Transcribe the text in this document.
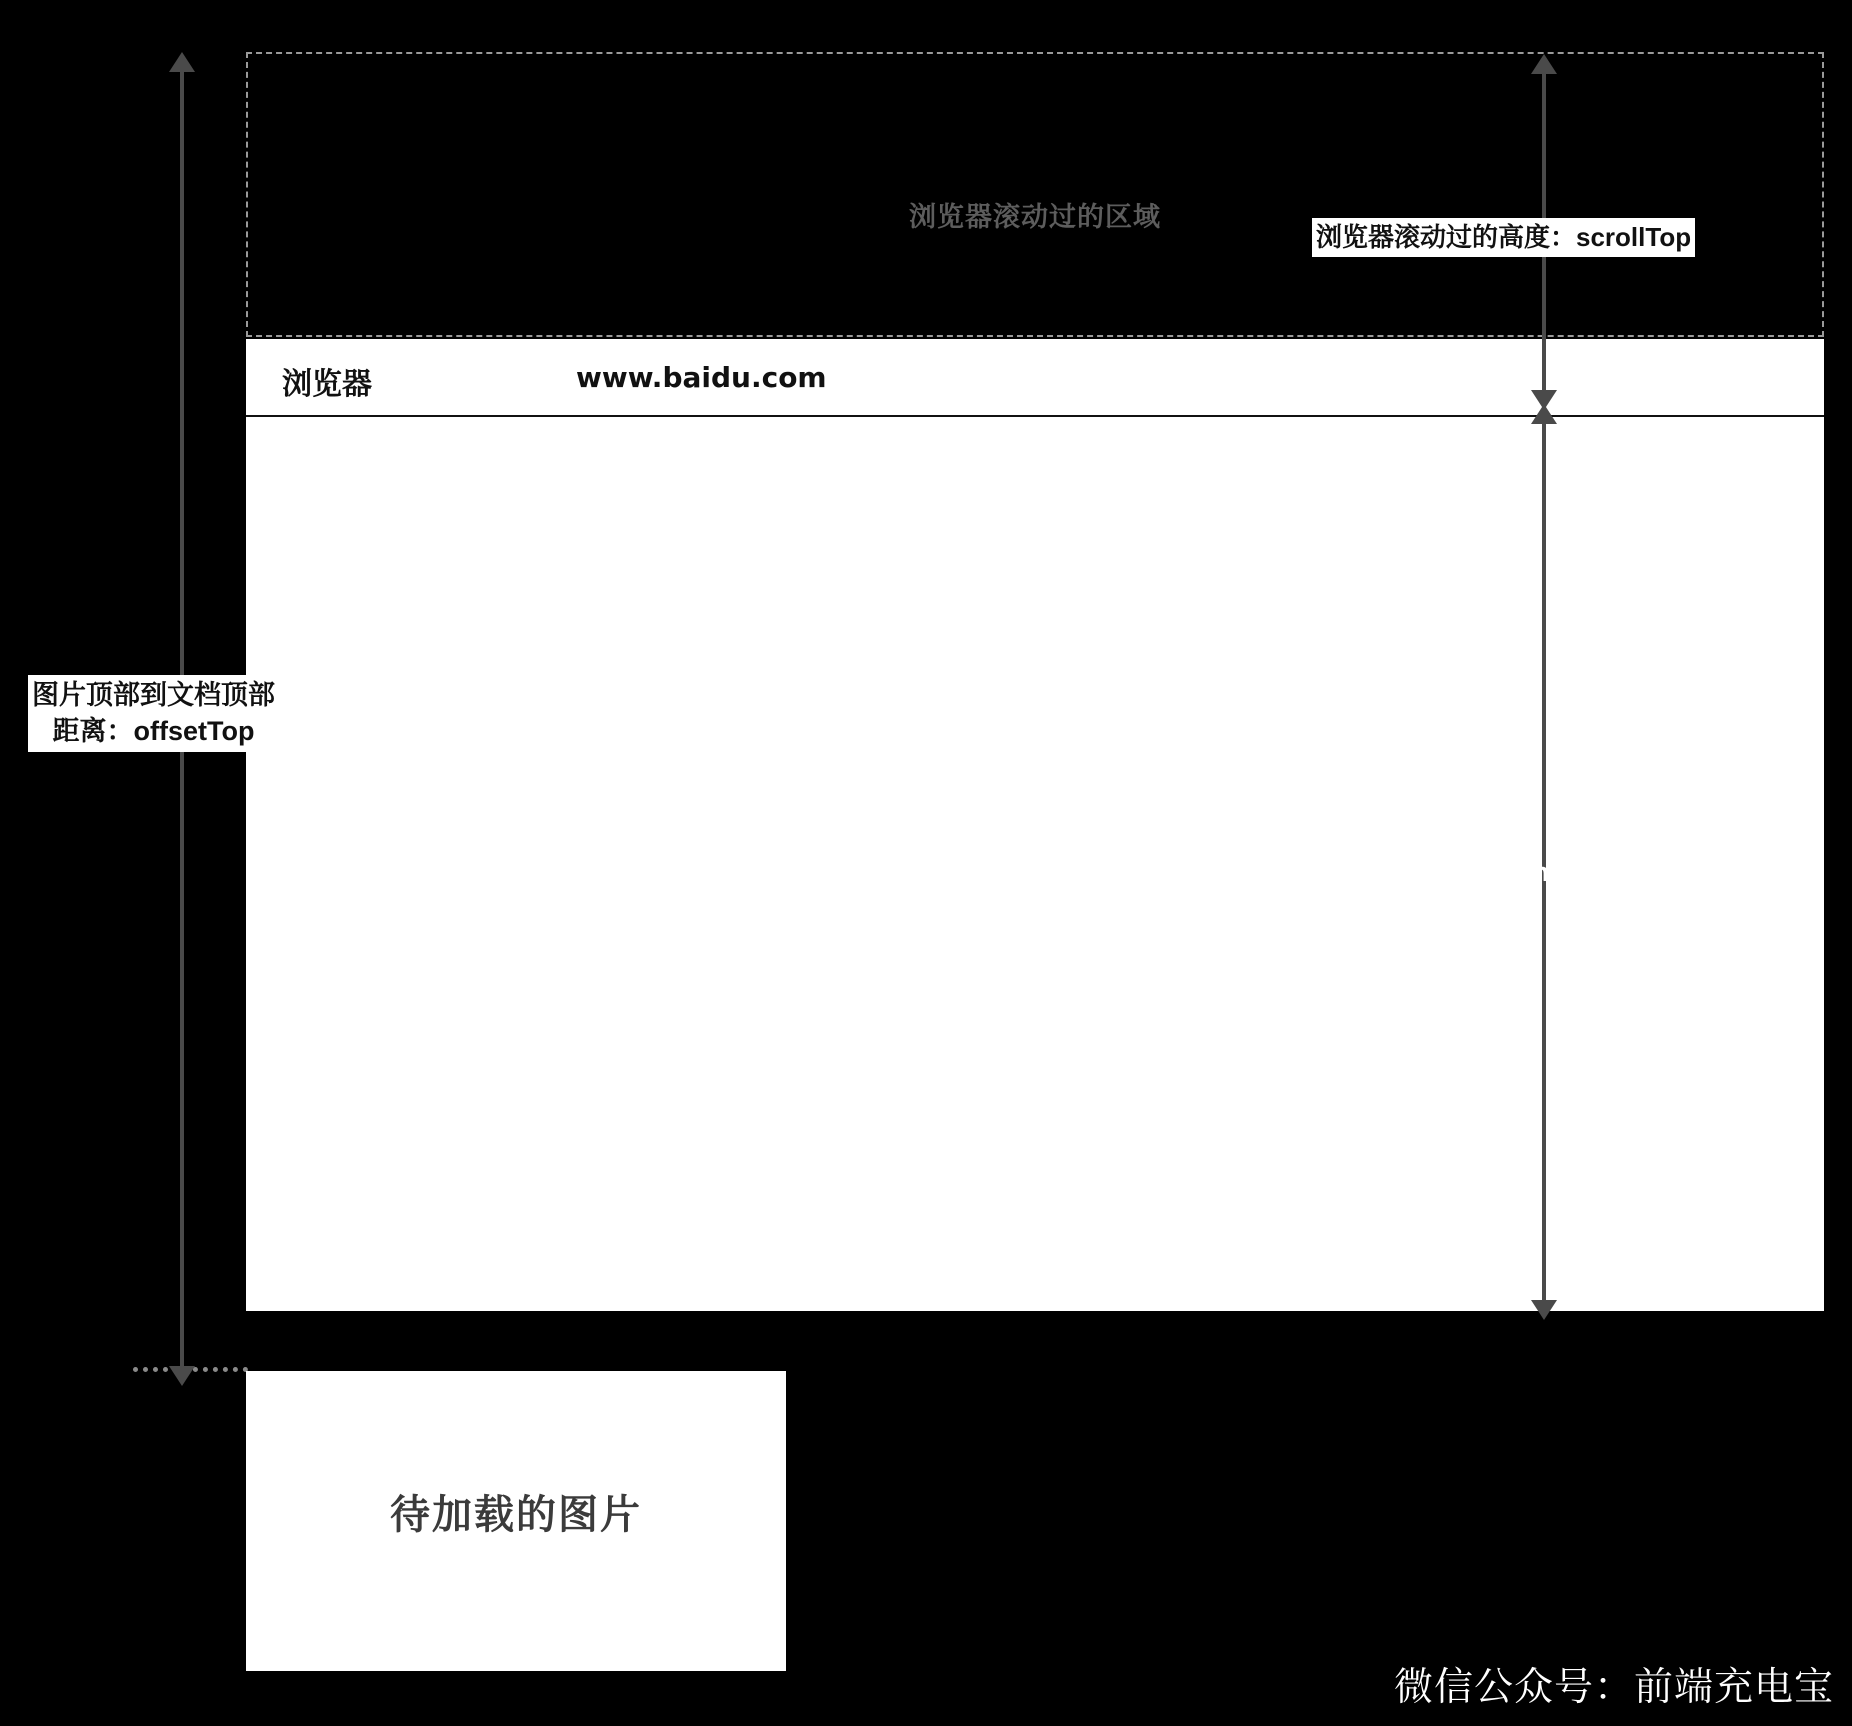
浏览器滚动过的区域
浏览器	www.baidu.com
待加载的图片
图片顶部到文档顶部
距离：offsetTop
浏览器滚动过的高度：scrollTop
浏览器可视高度：innerHeight
微信公众号：前端充电宝
